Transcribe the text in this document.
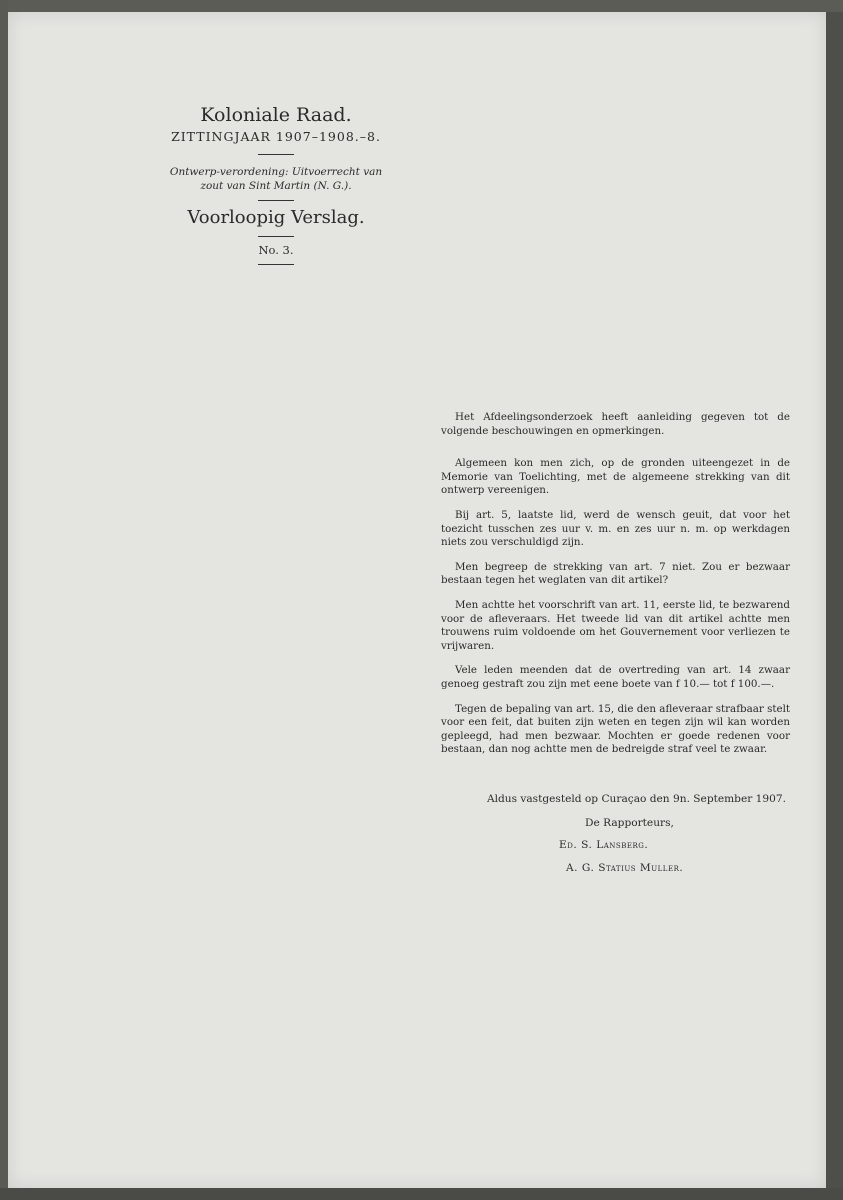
Koloniale Raad.
ZITTINGJAAR 1907–1908.–8.
Ontwerp-verordening: Uitvoerrecht van
zout van Sint Martin (N. G.).
Voorloopig Verslag.
No. 3.

Het Afdeelingsonderzoek heeft aanleiding gegeven tot de volgende beschouwingen en opmerkingen.

Algemeen kon men zich, op de gronden uiteengezet in de Memorie van Toelichting, met de algemeene strekking van dit ontwerp vereenigen.

Bij art. 5, laatste lid, werd de wensch geuit, dat voor het toezicht tusschen zes uur v. m. en zes uur n. m. op werkdagen niets zou verschuldigd zijn.

Men begreep de strekking van art. 7 niet. Zou er bezwaar bestaan tegen het weglaten van dit artikel?

Men achtte het voorschrift van art. 11, eerste lid, te bezwarend voor de afleveraars. Het tweede lid van dit artikel achtte men trouwens ruim voldoende om het Gouvernement voor verliezen te vrijwaren.

Vele leden meenden dat de overtreding van art. 14 zwaar genoeg gestraft zou zijn met eene boete van f 10.— tot f 100.—.

Tegen de bepaling van art. 15, die den afleveraar strafbaar stelt voor een feit, dat buiten zijn weten en tegen zijn wil kan worden gepleegd, had men bezwaar. Mochten er goede redenen voor bestaan, dan nog achtte men de bedreigde straf veel te zwaar.

Aldus vastgesteld op Curaçao den 9n. September 1907.
De Rapporteurs,
Ed. S. Lansberg.
A. G. Statius Muller.
